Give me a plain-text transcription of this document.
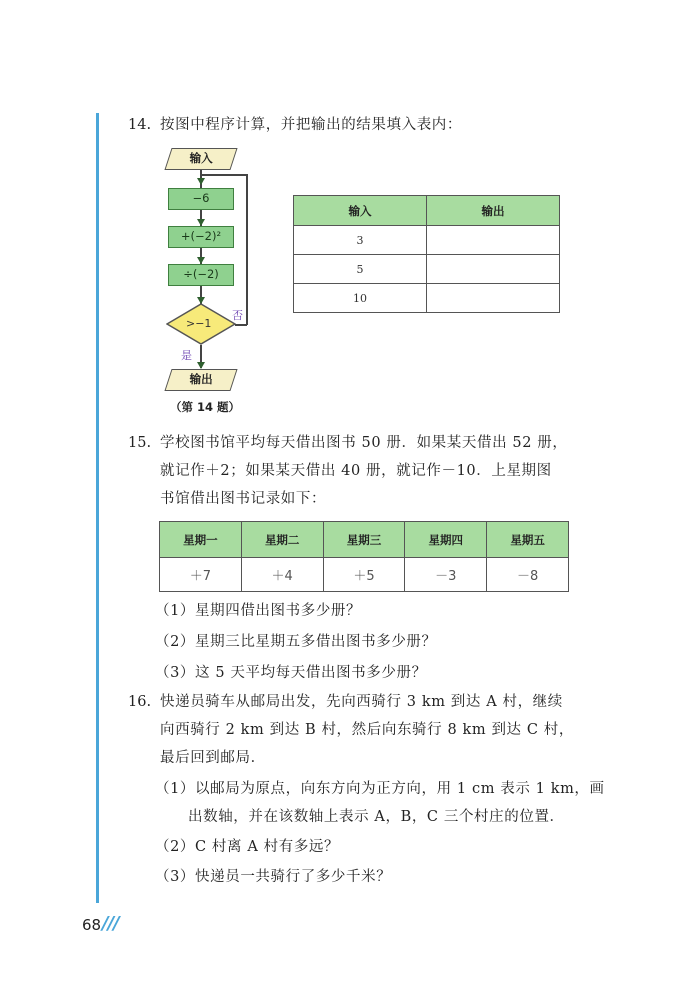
14. 按图中程序计算，并把输出的结果填入表内：
输入
−6
+(−2)²
÷(−2)
>−1
否
是
输出
（第 14 题）
输入	输出
3	
5	
10	
15. 学校图书馆平均每天借出图书 50 册．如果某天借出 52 册，
就记作＋2；如果某天借出 40 册，就记作－10．上星期图
书馆借出图书记录如下：
星期一	星期二	星期三	星期四	星期五
＋7	＋4	＋5	－3	－8
（1）星期四借出图书多少册？
（2）星期三比星期五多借出图书多少册？
（3）这 5 天平均每天借出图书多少册？
16. 快递员骑车从邮局出发，先向西骑行 3 km 到达 A 村，继续
向西骑行 2 km 到达 B 村，然后向东骑行 8 km 到达 C 村，
最后回到邮局．
（1）以邮局为原点，向东方向为正方向，用 1 cm 表示 1 km，画
出数轴，并在该数轴上表示 A，B，C 三个村庄的位置．
（2）C 村离 A 村有多远？
（3）快递员一共骑行了多少千米？
68 ///
